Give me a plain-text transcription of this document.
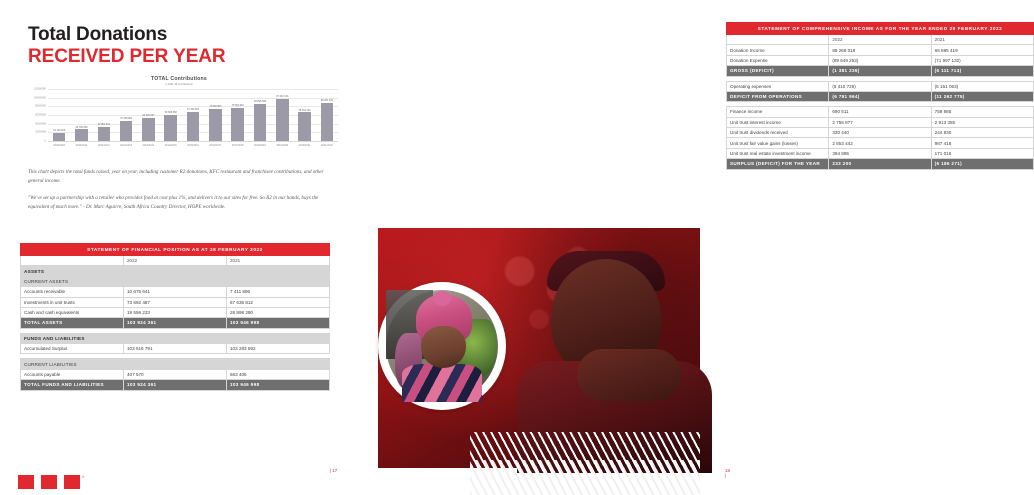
Total Donations
RECEIVED PER YEAR
TOTAL Contributions
in ZAR, all contributions
120000000
100000000
80000000
60000000
40000000
20000000
0
18 129 819
26 766 569
32 852 844
47 338 890
53 320 637
59 893 668
67 199 600
74 989 503	75 562 962
84 895 508
97 432 134
66 013 201
88 281 332
2009/2010	2010/2011	2011/2012	2012/2013	2013/2014	2014/2015	2015/2016	2016/2017	2017/2018	2018/2019	2019/2020	2020/2021	2021/2022

This chart depicts the total funds raised, year on year, including customer R2 donations, KFC restaurant and franchisee contributions, and other general income.

"We've set up a partnership with a retailer who provides food at cost plus 1%, and delivers it to our sites for free. So R2 in our hands, buys the equivalent of much more." - Dr. Marc Aguirre, South Africa Country Director, HOPE worldwide.

STATEMENT OF FINANCIAL POSITION AS AT 28 FEBRUARY 2022		
	2022	2021
ASSETS		
CURRENT ASSETS		
Accounts receivable	10 675 641	7 411 896
Investments in unit trusts	73 692 487	67 636 812
Cash and cash equivalents	19 556 233	28 898 290
TOTAL ASSETS	103 924 361	103 946 998

FUNDS AND LIABILITIES		
Accumulated Surplus	103 516 791	103 283 592

CURRENT LIABILITIES		
Accounts payable	407 570	663 406
TOTAL FUNDS AND LIABILITIES	103 924 361	103 946 998
®
| 17
STATEMENT OF COMPREHENSIVE INCOME AS FOR THE YEAR ENDED 28 FEBRUARY 2022		
	2022	2021
Donation Income	88 268 018	65 885 419
Donation Expense	(89 649 253)	(71 997 132)
GROSS (DEFICIT)	(1 381 236)	(6 111 713)

Operating expenses	(5 410 729)	(5 151 063)
DEFICIT FROM OPERATIONS	(6 791 964)	(11 262 775)

Finance income	690 511	759 885
Unit trust interest income	2 755 877	2 913 355
Unit trust dividends received	330 440	244 830
Unit trust fair value gains (losses)	2 853 442	987 418
Unit trust real estate investment income	394 895	171 016
SURPLUS (DEFICIT) FOR THE YEAR	233 200	(6 186 271)
18 |
